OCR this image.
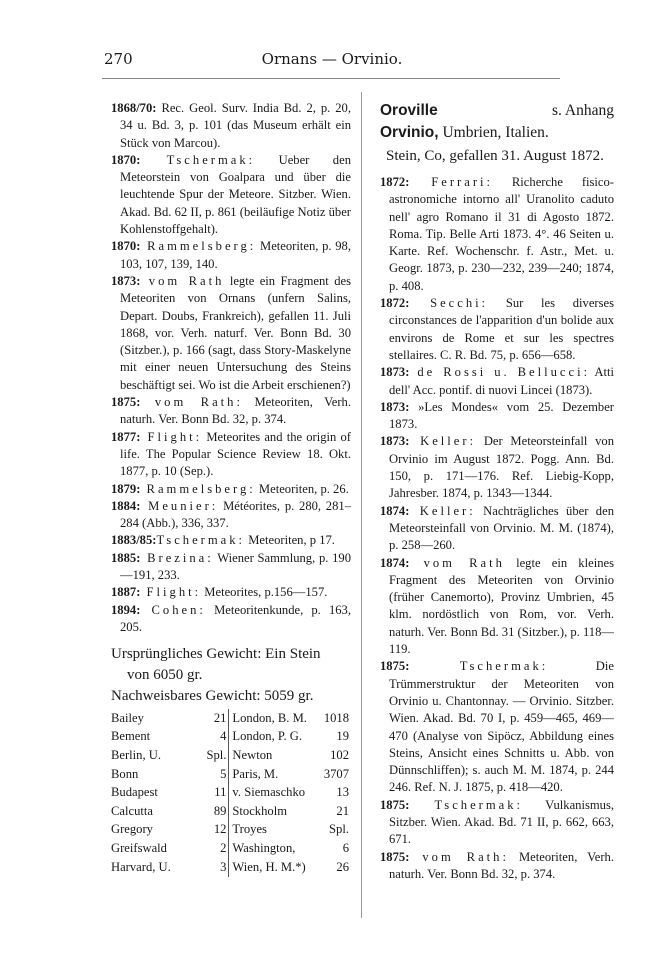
270	Ornans — Orvinio.

1868/70: Rec. Geol. Surv. India Bd. 2, p. 20, 34 u. Bd. 3, p. 101 (das Museum erhält ein Stück von Marcou).

1870: Tschermak: Ueber den Meteorstein von Goalpara und über die leuchtende Spur der Meteore. Sitzber. Wien. Akad. Bd. 62 II, p. 861 (beiläufige Notiz über Kohlenstoffgehalt).

1870: Rammelsberg: Meteoriten, p. 98, 103, 107, 139, 140.

1873: vom Rath legte ein Fragment des Meteoriten von Ornans (unfern Salins, Depart. Doubs, Frankreich), gefallen 11. Juli 1868, vor. Verh. naturf. Ver. Bonn Bd. 30 (Sitzber.), p. 166 (sagt, dass Story-Maskelyne mit einer neuen Untersuchung des Steins beschäftigt sei. Wo ist die Arbeit erschienen?)

1875: vom Rath: Meteoriten, Verh. naturh. Ver. Bonn Bd. 32, p. 374.

1877: Flight: Meteorites and the origin of life. The Popular Science Review 18. Okt. 1877, p. 10 (Sep.).

1879: Rammelsberg: Meteoriten, p. 26.

1884: Meunier: Météorites, p. 280, 281–284 (Abb.), 336, 337.

1883/85:Tschermak: Meteoriten, p 17.

1885: Brezina: Wiener Sammlung, p. 190—191, 233.

1887: Flight: Meteorites, p.156—157.

1894: Cohen: Meteoritenkunde, p. 163, 205.

Ursprüngliches Gewicht: Ein Stein
von 6050 gr.
Nachweisbares Gewicht: 5059 gr.
Bailey	21	London, B. M.	1018
Bement	4	London, P. G.	19
Berlin, U.	Spl.	Newton	102
Bonn	5	Paris, M.	3707
Budapest	11	v. Siemaschko	13
Calcutta	89	Stockholm	21
Gregory	12	Troyes	Spl.
Greifswald	2	Washington,	6
Harvard, U.	3	Wien, H. M.*)	26
Oroville	s. Anhang
Orvinio, Umbrien, Italien.
Stein, Co, gefallen 31. August 1872.

1872: Ferrari: Richerche fisico-astronomiche intorno all' Uranolito caduto nell' agro Romano il 31 di Agosto 1872. Roma. Tip. Belle Arti 1873. 4°. 46 Seiten u. Karte. Ref. Wochenschr. f. Astr., Met. u. Geogr. 1873, p. 230—232, 239—240; 1874, p. 408.

1872: Secchi: Sur les diverses circonstances de l'apparition d'un bolide aux environs de Rome et sur les spectres stellaires. C. R. Bd. 75, p. 656—658.

1873: de Rossi u. Bellucci: Atti dell' Acc. pontif. di nuovi Lincei (1873).

1873: »Les Mondes« vom 25. Dezember 1873.

1873: Keller: Der Meteorsteinfall von Orvinio im August 1872. Pogg. Ann. Bd. 150, p. 171—176. Ref. Liebig-Kopp, Jahresber. 1874, p. 1343—1344.

1874: Keller: Nachträgliches über den Meteorsteinfall von Orvinio. M. M. (1874), p. 258—260.

1874: vom Rath legte ein kleines Fragment des Meteoriten von Orvinio (früher Canemorto), Provinz Umbrien, 45 klm. nordöstlich von Rom, vor. Verh. naturh. Ver. Bonn Bd. 31 (Sitzber.), p. 118—119.

1875: Tschermak: Die Trümmerstruktur der Meteoriten von Orvinio u. Chantonnay. — Orvinio. Sitzber. Wien. Akad. Bd. 70 I, p. 459—465, 469—470 (Analyse von Sipöcz, Abbildung eines Steins, Ansicht eines Schnitts u. Abb. von Dünnschliffen); s. auch M. M. 1874, p. 244 246. Ref. N. J. 1875, p. 418—420.

1875: Tschermak: Vulkanismus, Sitzber. Wien. Akad. Bd. 71 II, p. 662, 663, 671.

1875: vom Rath: Meteoriten, Verh. naturh. Ver. Bonn Bd. 32, p. 374.
